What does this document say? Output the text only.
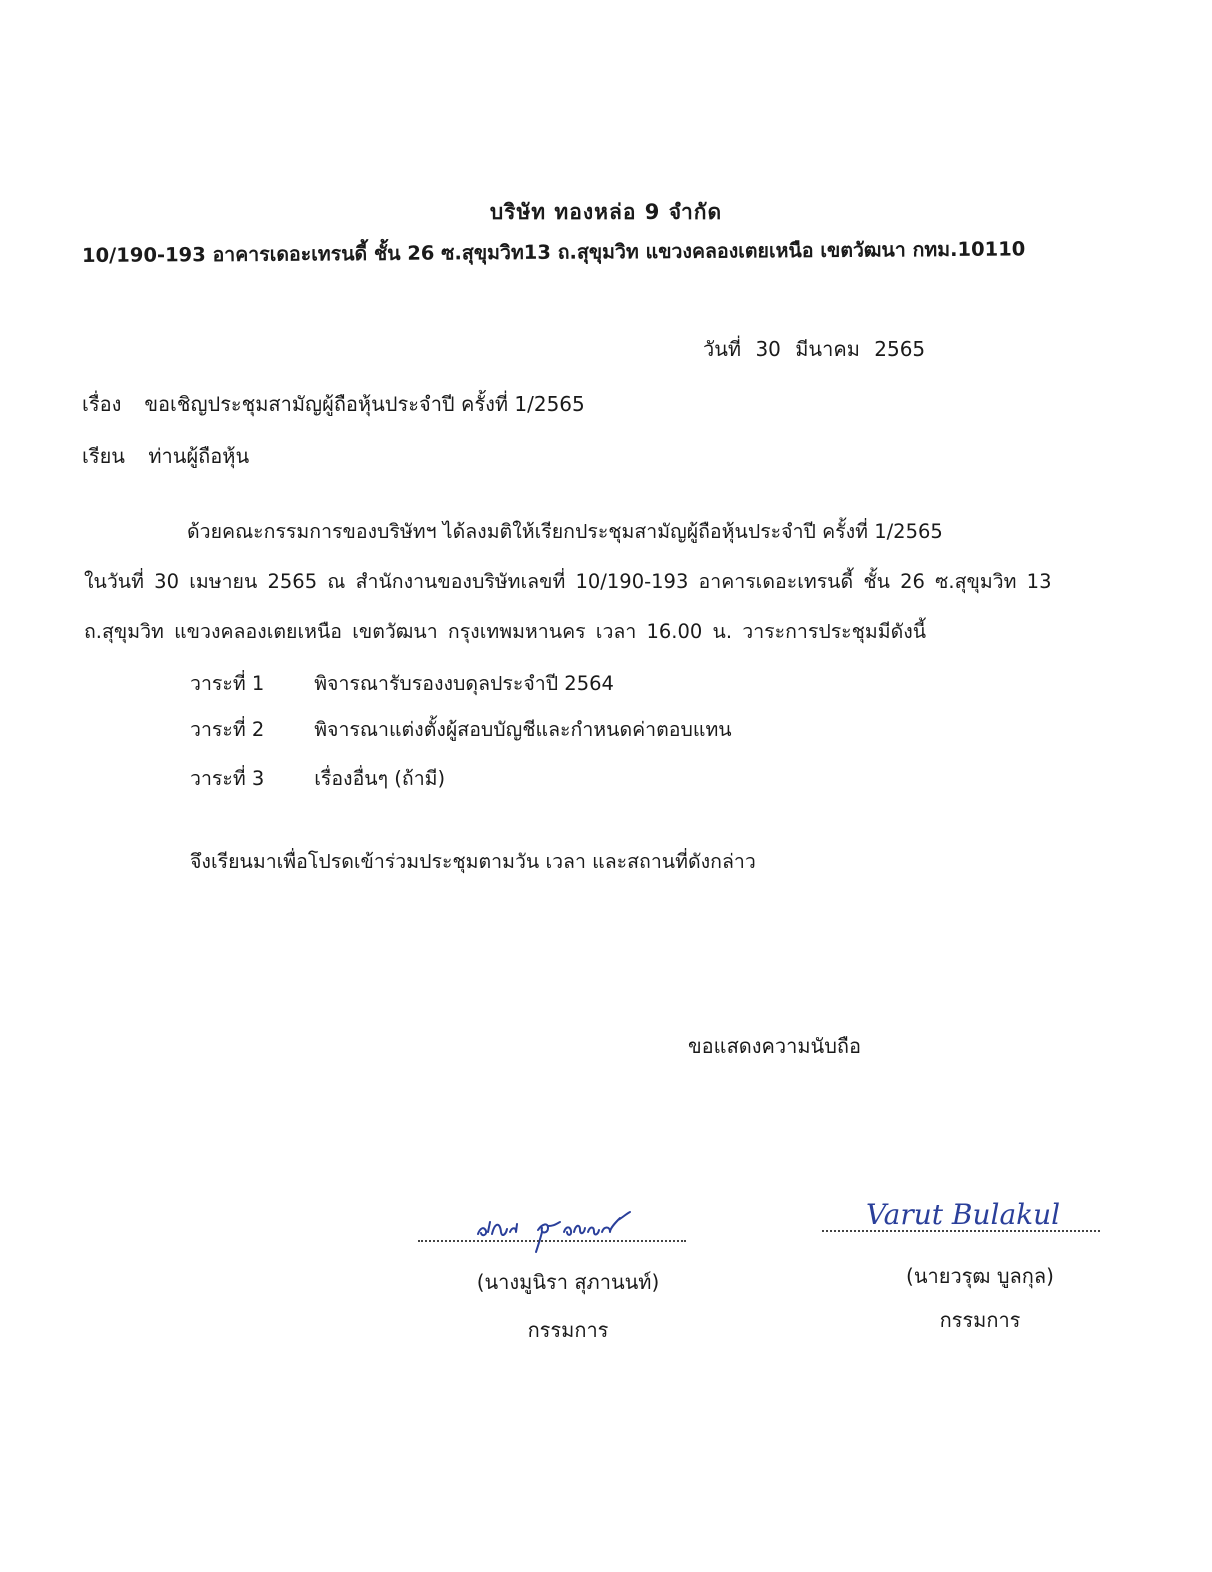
บริษัท ทองหล่อ 9 จำกัด
10/190-193 อาคารเดอะเทรนดี้ ชั้น 26 ซ.สุขุมวิท13 ถ.สุขุมวิท แขวงคลองเตยเหนือ เขตวัฒนา กทม.10110
วันที่ 30 มีนาคม 2565
เรื่อง ขอเชิญประชุมสามัญผู้ถือหุ้นประจำปี ครั้งที่ 1/2565
เรียน ท่านผู้ถือหุ้น
ด้วยคณะกรรมการของบริษัทฯ ได้ลงมติให้เรียกประชุมสามัญผู้ถือหุ้นประจำปี ครั้งที่ 1/2565
ในวันที่ 30 เมษายน 2565 ณ สำนักงานของบริษัทเลขที่ 10/190-193 อาคารเดอะเทรนดี้ ชั้น 26 ซ.สุขุมวิท 13
ถ.สุขุมวิท แขวงคลองเตยเหนือ เขตวัฒนา กรุงเทพมหานคร เวลา 16.00 น. วาระการประชุมมีดังนี้
วาระที่ 1	พิจารณารับรองงบดุลประจำปี 2564
วาระที่ 2	พิจารณาแต่งตั้งผู้สอบบัญชีและกำหนดค่าตอบแทน
วาระที่ 3	เรื่องอื่นๆ (ถ้ามี)
จึงเรียนมาเพื่อโปรดเข้าร่วมประชุมตามวัน เวลา และสถานที่ดังกล่าว
ขอแสดงความนับถือ
(นางมูนิรา สุภานนท์)
กรรมการ
Varut Bulakul
(นายวรุฒ บูลกุล)
กรรมการ
